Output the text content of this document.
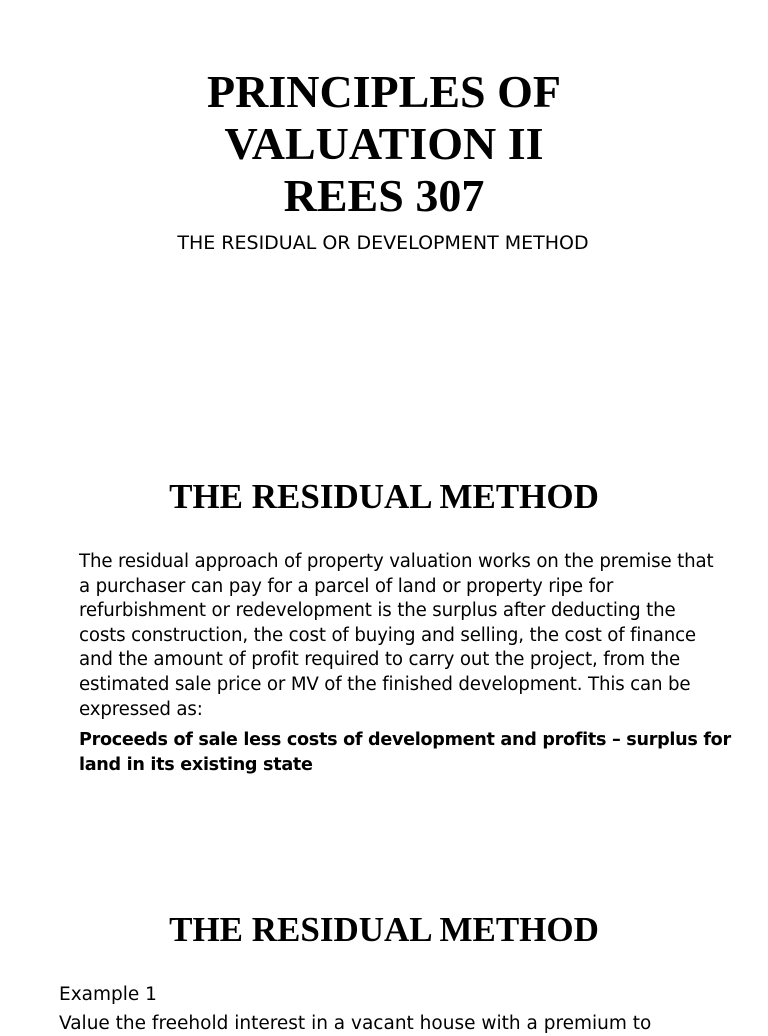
PRINCIPLES OF
VALUATION II
REES 307
THE RESIDUAL OR DEVELOPMENT METHOD
THE RESIDUAL METHOD
The residual approach of property valuation works on the premise that
a purchaser can pay for a parcel of land or property ripe for
refurbishment or redevelopment is the surplus after deducting the
costs construction, the cost of buying and selling, the cost of finance
and the amount of profit required to carry out the project, from the
estimated sale price or MV of the finished development. This can be
expressed as:
Proceeds of sale less costs of development and profits – surplus for
land in its existing state
THE RESIDUAL METHOD
Example 1
Value the freehold interest in a vacant house with a premium to
